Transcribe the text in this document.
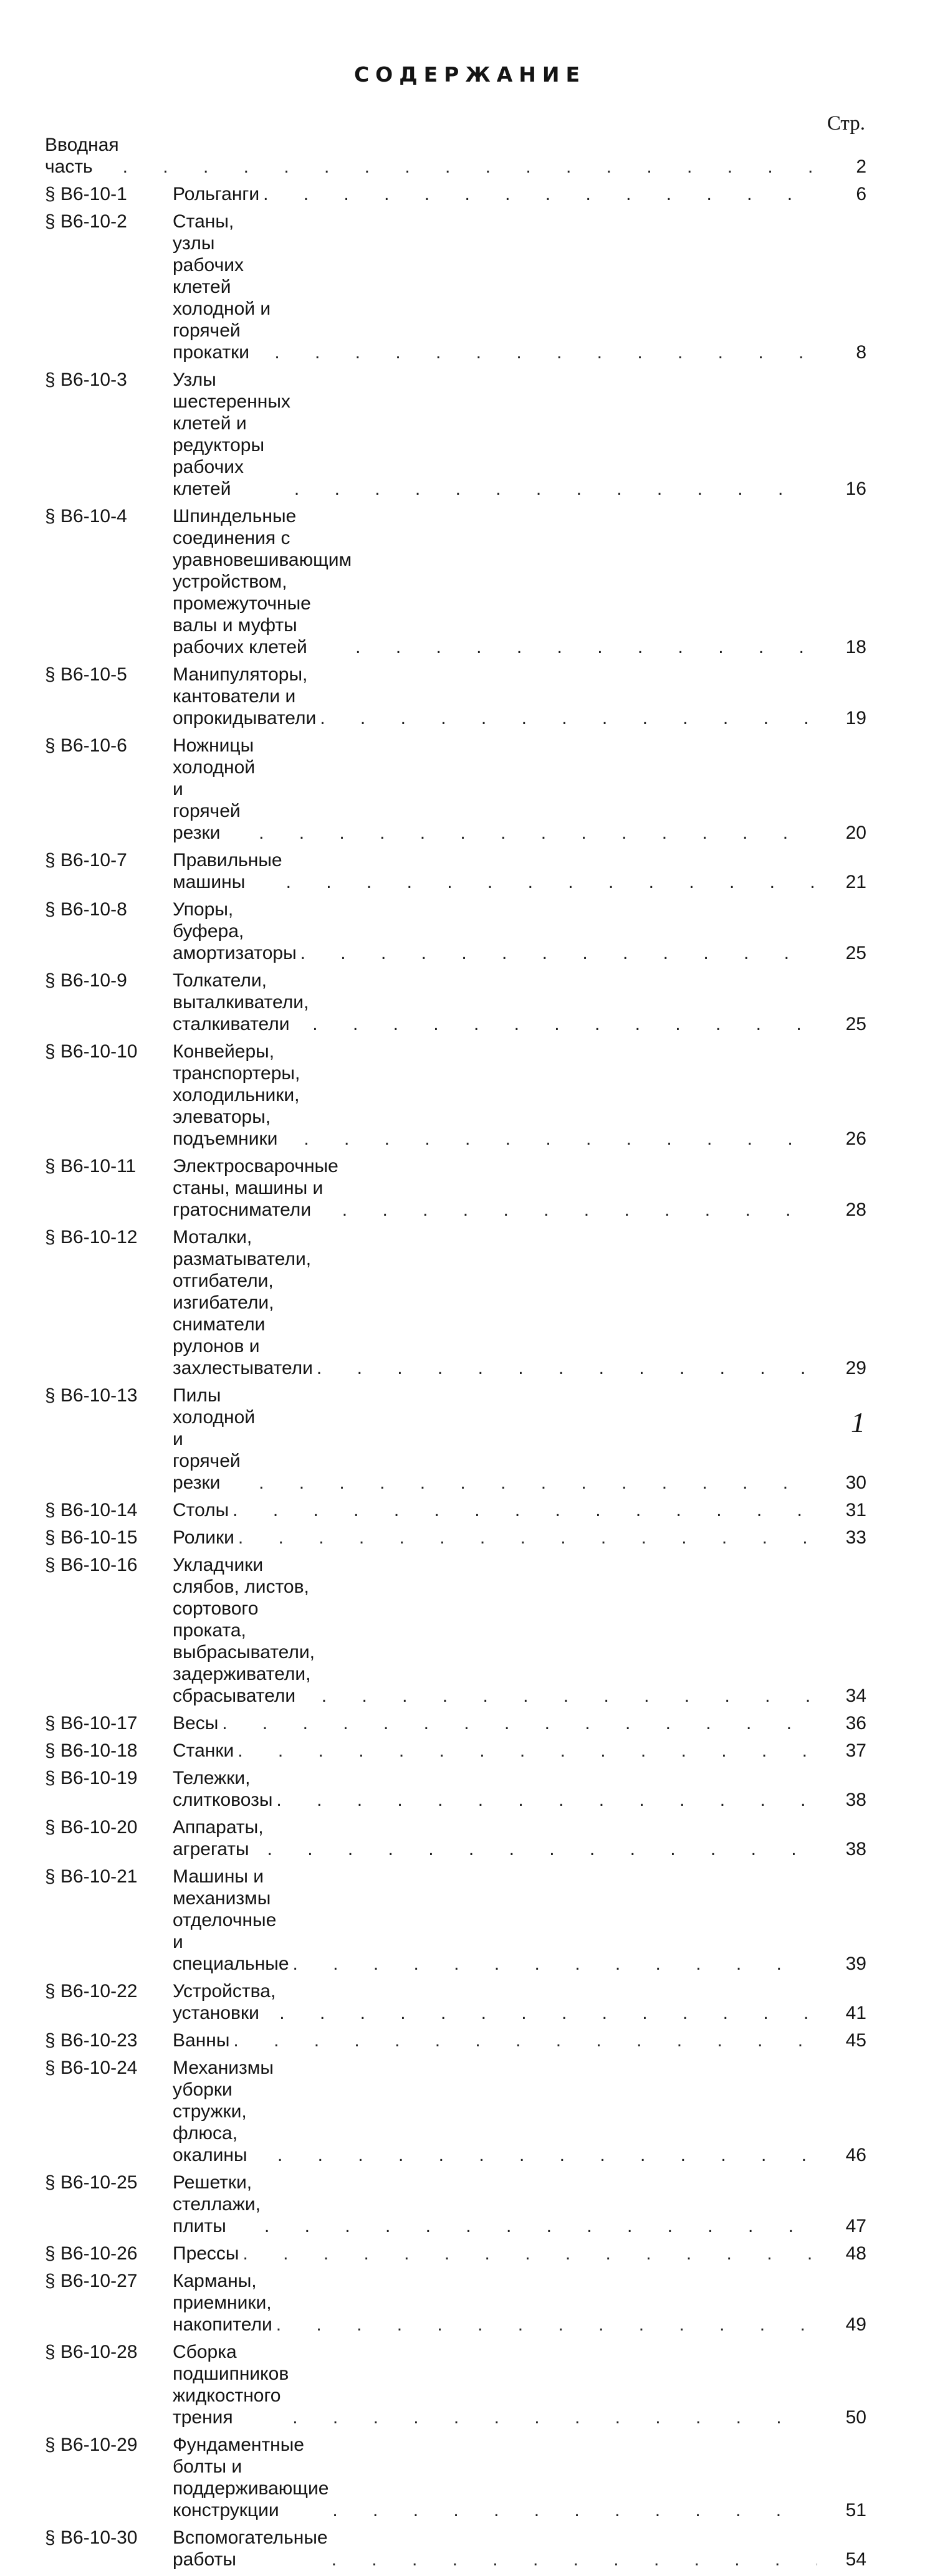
СОДЕРЖАНИЕ
Стр.
Вводная часть . . .	2
§ В6-10-1	Рольганги . . .	6
§ В6-10-2	Станы, узлы рабочих клетей холодной и горячей прокатки . . .	8
§ В6-10-3	Узлы шестеренных клетей и редукторы рабочих клетей . . .	16
§ В6-10-4	Шпиндельные соединения с уравновешивающим устройством, промежуточные валы и муфты рабочих клетей . . .	18
§ В6-10-5	Манипуляторы, кантователи и опрокидыватели . . .	19
§ В6-10-6	Ножницы холодной и горячей резки . . .	20
§ В6-10-7	Правильные машины . . .	21
§ В6-10-8	Упоры, буфера, амортизаторы . . .	25
§ В6-10-9	Толкатели, выталкиватели, сталкиватели . . .	25
§ В6-10-10	Конвейеры, транспортеры, холодильники, элеваторы, подъемники . . .	26
§ В6-10-11	Электросварочные станы, машины и гратосниматели . . .	28
§ В6-10-12	Моталки, разматыватели, отгибатели, изгибатели, сниматели рулонов и захлестыватели . . .	29
§ В6-10-13	Пилы холодной и горячей резки . . .	30
§ В6-10-14	Столы . . .	31
§ В6-10-15	Ролики . . .	33
§ В6-10-16	Укладчики слябов, листов, сортового проката, выбрасыватели, задерживатели, сбрасыватели . . .	34
§ В6-10-17	Весы . . .	36
§ В6-10-18	Станки . . .	37
§ В6-10-19	Тележки, слитковозы . . .	38
§ В6-10-20	Аппараты, агрегаты . . .	38
§ В6-10-21	Машины и механизмы отделочные и специальные . . .	39
§ В6-10-22	Устройства, установки . . .	41
§ В6-10-23	Ванны . . .	45
§ В6-10-24	Механизмы уборки стружки, флюса, окалины . . .	46
§ В6-10-25	Решетки, стеллажи, плиты . . .	47
§ В6-10-26	Прессы . . .	48
§ В6-10-27	Карманы, приемники, накопители . . .	49
§ В6-10-28	Сборка подшипников жидкостного трения . . .	50
§ В6-10-29	Фундаментные болты и поддерживающие конструкции . . .	51
§ В6-10-30	Вспомогательные работы . . .	54
1
